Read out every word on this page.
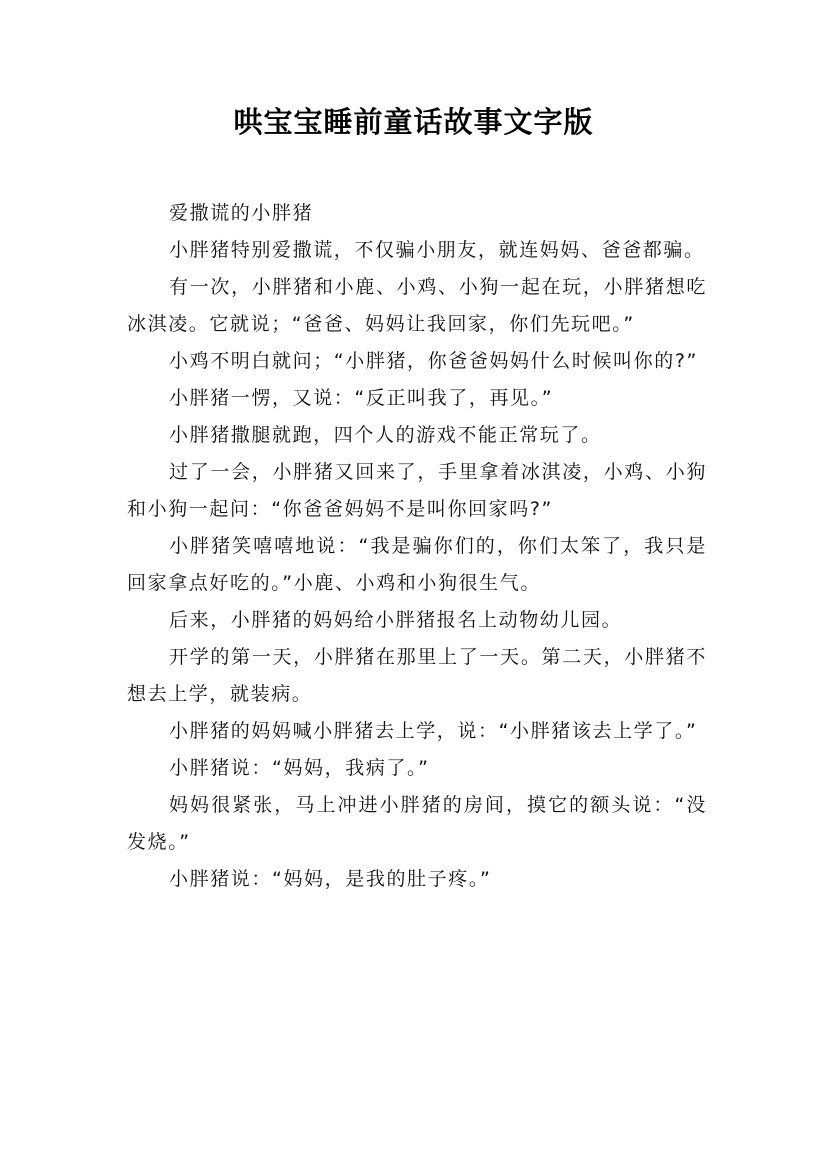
哄宝宝睡前童话故事文字版

爱撒谎的小胖猪

小胖猪特别爱撒谎，不仅骗小朋友，就连妈妈、爸爸都骗。

有一次，小胖猪和小鹿、小鸡、小狗一起在玩，小胖猪想吃冰淇凌。它就说；“爸爸、妈妈让我回家，你们先玩吧。”

小鸡不明白就问；“小胖猪，你爸爸妈妈什么时候叫你的?”

小胖猪一愣，又说：“反正叫我了，再见。”

小胖猪撒腿就跑，四个人的游戏不能正常玩了。

过了一会，小胖猪又回来了，手里拿着冰淇凌，小鸡、小狗和小狗一起问：“你爸爸妈妈不是叫你回家吗?”

小胖猪笑嘻嘻地说：“我是骗你们的，你们太笨了，我只是回家拿点好吃的。”小鹿、小鸡和小狗很生气。

后来，小胖猪的妈妈给小胖猪报名上动物幼儿园。

开学的第一天，小胖猪在那里上了一天。第二天，小胖猪不想去上学，就装病。

小胖猪的妈妈喊小胖猪去上学，说：“小胖猪该去上学了。”

小胖猪说：“妈妈，我病了。”

妈妈很紧张，马上冲进小胖猪的房间，摸它的额头说：“没发烧。”

小胖猪说：“妈妈，是我的肚子疼。”
